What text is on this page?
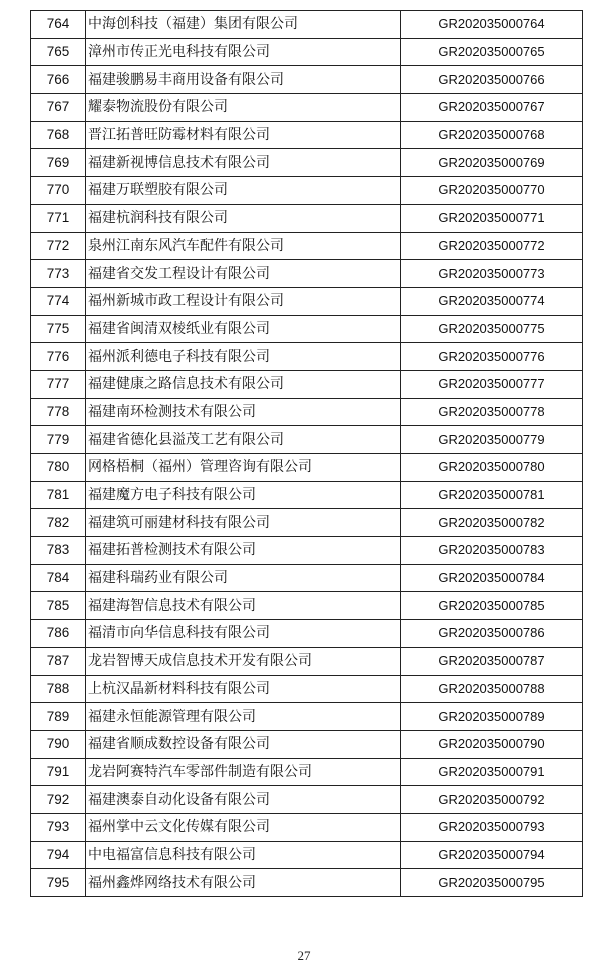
764	中海创科技（福建）集团有限公司	GR202035000764
765	漳州市传正光电科技有限公司	GR202035000765
766	福建骏鹏易丰商用设备有限公司	GR202035000766
767	耀泰物流股份有限公司	GR202035000767
768	晋江拓普旺防霉材料有限公司	GR202035000768
769	福建新视博信息技术有限公司	GR202035000769
770	福建万联塑胶有限公司	GR202035000770
771	福建杭润科技有限公司	GR202035000771
772	泉州江南东风汽车配件有限公司	GR202035000772
773	福建省交发工程设计有限公司	GR202035000773
774	福州新城市政工程设计有限公司	GR202035000774
775	福建省闽清双棱纸业有限公司	GR202035000775
776	福州派利德电子科技有限公司	GR202035000776
777	福建健康之路信息技术有限公司	GR202035000777
778	福建南环检测技术有限公司	GR202035000778
779	福建省德化县溢茂工艺有限公司	GR202035000779
780	网格梧桐（福州）管理咨询有限公司	GR202035000780
781	福建魔方电子科技有限公司	GR202035000781
782	福建筑可丽建材科技有限公司	GR202035000782
783	福建拓普检测技术有限公司	GR202035000783
784	福建科瑞药业有限公司	GR202035000784
785	福建海智信息技术有限公司	GR202035000785
786	福清市向华信息科技有限公司	GR202035000786
787	龙岩智博天成信息技术开发有限公司	GR202035000787
788	上杭汉晶新材料科技有限公司	GR202035000788
789	福建永恒能源管理有限公司	GR202035000789
790	福建省顺成数控设备有限公司	GR202035000790
791	龙岩阿赛特汽车零部件制造有限公司	GR202035000791
792	福建澳泰自动化设备有限公司	GR202035000792
793	福州掌中云文化传媒有限公司	GR202035000793
794	中电福富信息科技有限公司	GR202035000794
795	福州鑫烨网络技术有限公司	GR202035000795
27
